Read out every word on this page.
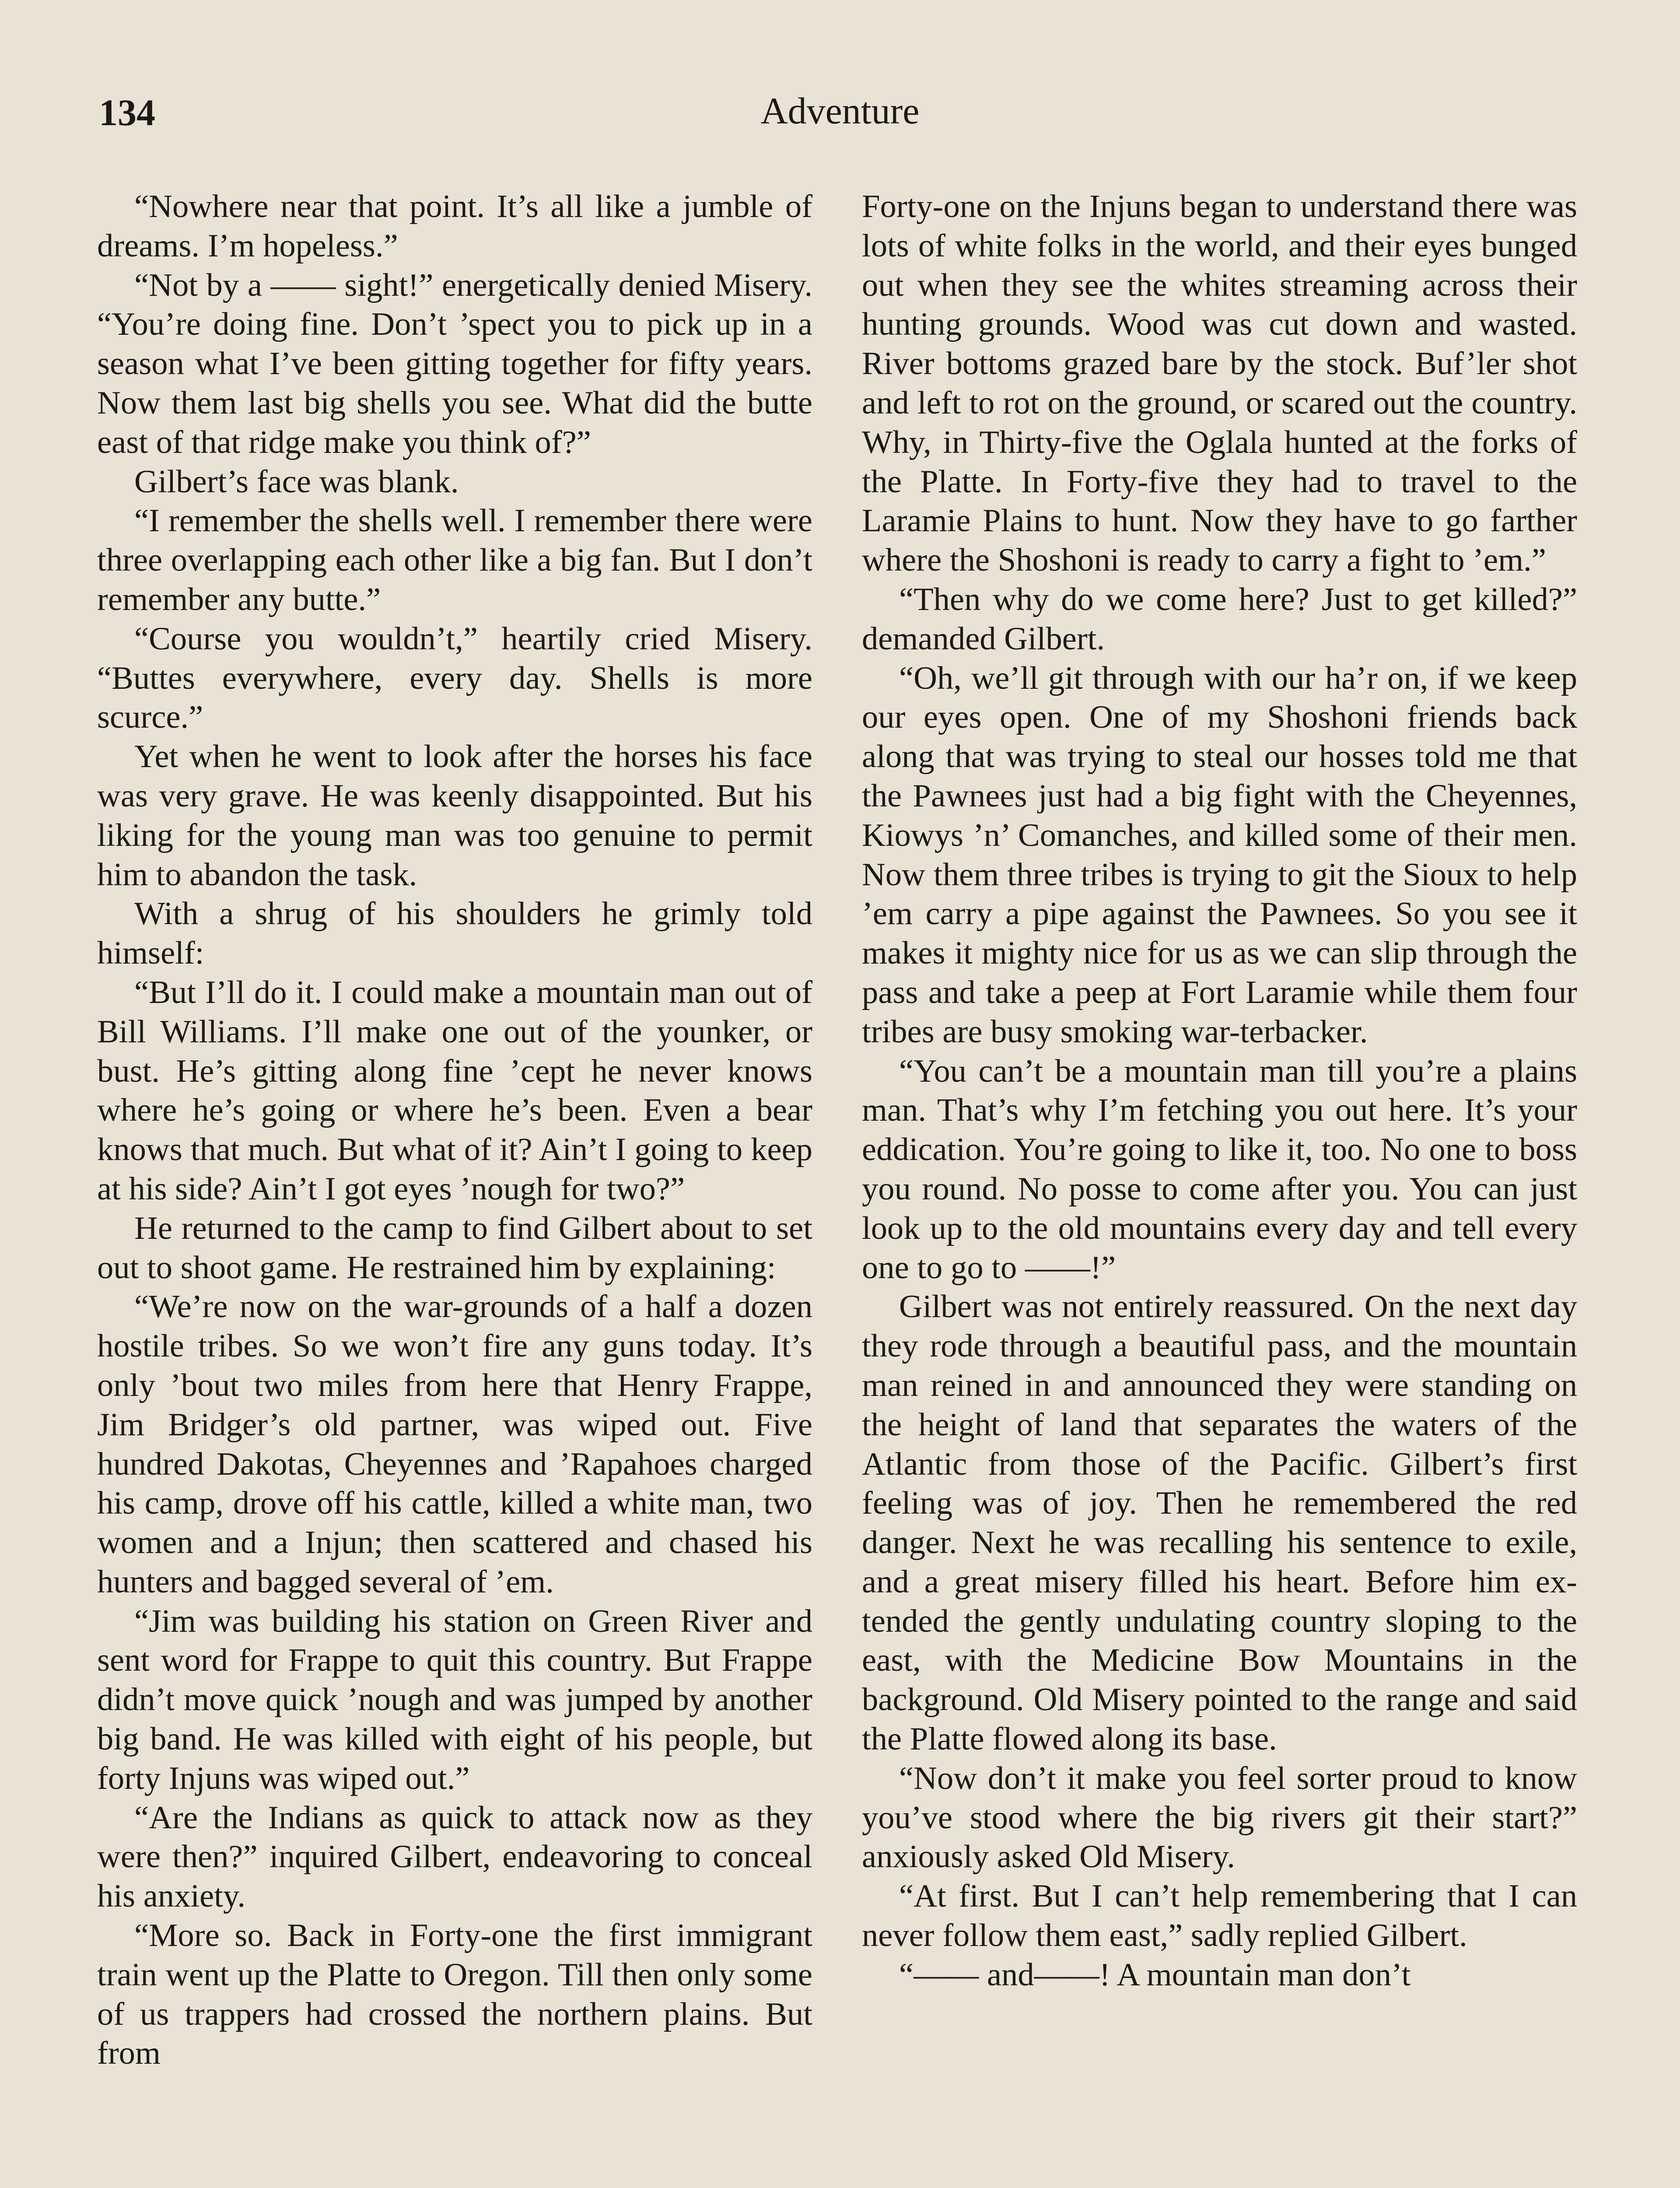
134	Adventure

“Nowhere near that point. It’s all like a jumble of dreams. I’m hopeless.”

“Not by a —— sight!” energetically denied Misery. “You’re doing fine. Don’t ’spect you to pick up in a season what I’ve been gitting together for fifty years. Now them last big shells you see. What did the butte east of that ridge make you think of?”

Gilbert’s face was blank.

“I remember the shells well. I remember there were three overlapping each other like a big fan. But I don’t remember any butte.”

“Course you wouldn’t,” heartily cried Misery. “Buttes everywhere, every day. Shells is more scurce.”

Yet when he went to look after the horses his face was very grave. He was keenly disappointed. But his liking for the young man was too genuine to permit him to abandon the task.

With a shrug of his shoulders he grimly told himself:

“But I’ll do it. I could make a mountain man out of Bill Williams. I’ll make one out of the younker, or bust. He’s gitting along fine ’cept he never knows where he’s going or where he’s been. Even a bear knows that much. But what of it? Ain’t I going to keep at his side? Ain’t I got eyes ’nough for two?”

He returned to the camp to find Gilbert about to set out to shoot game. He restrained him by explaining:

“We’re now on the war-grounds of a half a dozen hostile tribes. So we won’t fire any guns today. It’s only ’bout two miles from here that Henry Frappe, Jim Bridger’s old partner, was wiped out. Five hundred Dakotas, Cheyennes and ’Rapahoes charged his camp, drove off his cattle, killed a white man, two women and a Injun; then scattered and chased his hunters and bagged several of ’em.

“Jim was building his station on Green River and sent word for Frappe to quit this country. But Frappe didn’t move quick ’nough and was jumped by another big band. He was killed with eight of his people, but forty Injuns was wiped out.”

“Are the Indians as quick to attack now as they were then?” inquired Gilbert, endeavoring to conceal his anxiety.

“More so. Back in Forty-one the first immigrant train went up the Platte to Oregon. Till then only some of us trappers had crossed the northern plains. But from

Forty-one on the Injuns began to understand there was lots of white folks in the world, and their eyes bunged out when they see the whites streaming across their hunting grounds. Wood was cut down and wasted. River bottoms grazed bare by the stock. Buf’ler shot and left to rot on the ground, or scared out the country. Why, in Thirty-five the Oglala hunted at the forks of the Platte. In Forty-five they had to travel to the Laramie Plains to hunt. Now they have to go farther where the Shoshoni is ready to carry a fight to ’em.”

“Then why do we come here? Just to get killed?” demanded Gilbert.

“Oh, we’ll git through with our ha’r on, if we keep our eyes open. One of my Shoshoni friends back along that was trying to steal our hosses told me that the Pawnees just had a big fight with the Cheyennes, Kiowys ’n’ Comanches, and killed some of their men. Now them three tribes is trying to git the Sioux to help ’em carry a pipe against the Pawnees. So you see it makes it mighty nice for us as we can slip through the pass and take a peep at Fort Laramie while them four tribes are busy smoking war-terbacker.

“You can’t be a mountain man till you’re a plains man. That’s why I’m fetching you out here. It’s your eddication. You’re going to like it, too. No one to boss you round. No posse to come after you. You can just look up to the old mountains every day and tell every one to go to ——!”

Gilbert was not entirely reassured. On the next day they rode through a beautiful pass, and the mountain man reined in and announced they were standing on the height of land that separates the waters of the Atlantic from those of the Pacific. Gilbert’s first feeling was of joy. Then he remembered the red danger. Next he was recalling his sentence to exile, and a great misery filled his heart. Before him extended the gently undulating country sloping to the east, with the Medicine Bow Mountains in the background. Old Misery pointed to the range and said the Platte flowed along its base.

“Now don’t it make you feel sorter proud to know you’ve stood where the big rivers git their start?” anxiously asked Old Misery.

“At first. But I can’t help remembering that I can never follow them east,” sadly replied Gilbert.

“—— and——! A mountain man don’t
